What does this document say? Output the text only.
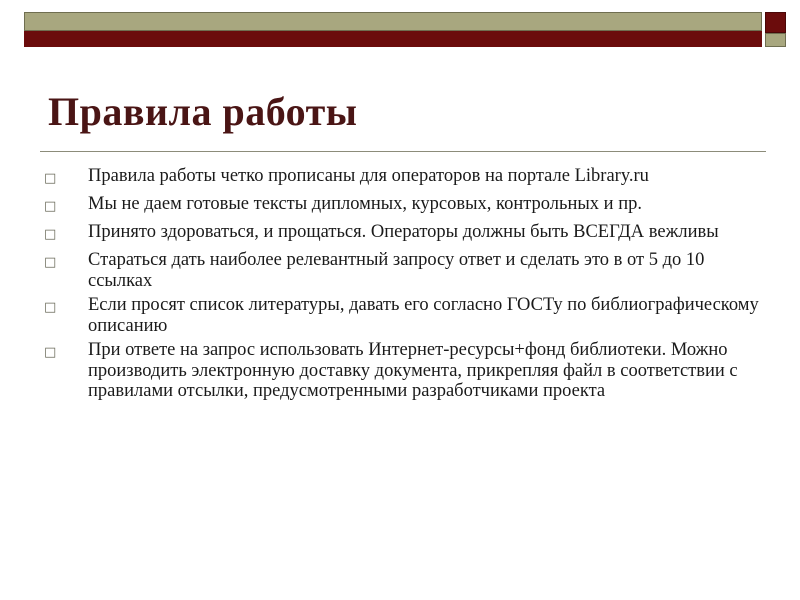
Правила работы
□	Правила работы четко прописаны для операторов на портале Library.ru
□	Мы не даем готовые тексты дипломных, курсовых, контрольных и пр.
□	Принято здороваться, и прощаться. Операторы должны быть ВСЕГДА вежливы
□	Стараться дать наиболее релевантный запросу ответ и сделать это в от 5 до 10 ссылках
□	Если просят список литературы, давать его согласно ГОСТу по библиографическому описанию
□	При ответе на запрос использовать Интернет-ресурсы+фонд библиотеки. Можно производить электронную доставку документа, прикрепляя файл в соответствии с правилами отсылки, предусмотренными разработчиками проекта
